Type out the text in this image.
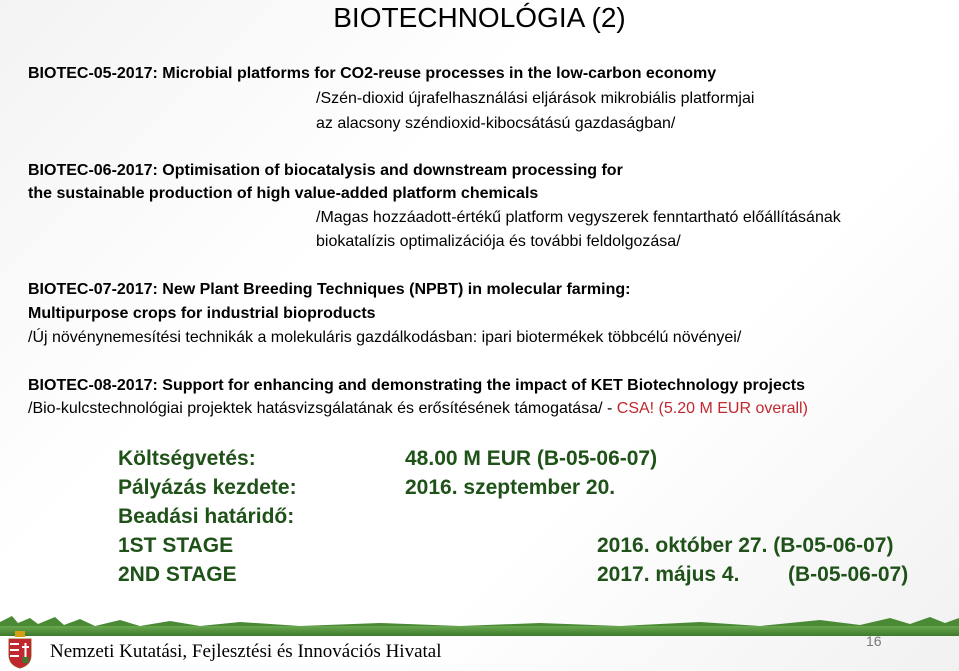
BIOTECHNOLÓGIA (2)
BIOTEC-05-2017: Microbial platforms for CO2-reuse processes in the low-carbon economy
/Szén-dioxid újrafelhasználási eljárások mikrobiális platformjai
az alacsony széndioxid-kibocsátású gazdaságban/
BIOTEC-06-2017: Optimisation of biocatalysis and downstream processing for
the sustainable production of high value-added platform chemicals
/Magas hozzáadott-értékű platform vegyszerek fenntartható előállításának
biokatalízis optimalizációja és további feldolgozása/
BIOTEC-07-2017: New Plant Breeding Techniques (NPBT) in molecular farming:
Multipurpose crops for industrial bioproducts
/Új növénynemesítési technikák a molekuláris gazdálkodásban: ipari biotermékek többcélú növényei/
BIOTEC-08-2017: Support for enhancing and demonstrating the impact of KET Biotechnology projects
/Bio-kulcstechnológiai projektek hatásvizsgálatának és erősítésének támogatása/ - CSA! (5.20 M EUR overall)
Költségvetés:	48.00 M EUR (B-05-06-07)
Pályázás kezdete:	2016. szeptember 20.
Beadási határidő:
1ST STAGE	2016. október 27. (B-05-06-07)
2ND STAGE	2017. május 4. (B-05-06-07)
Nemzeti Kutatási, Fejlesztési és Innovációs Hivatal	16
